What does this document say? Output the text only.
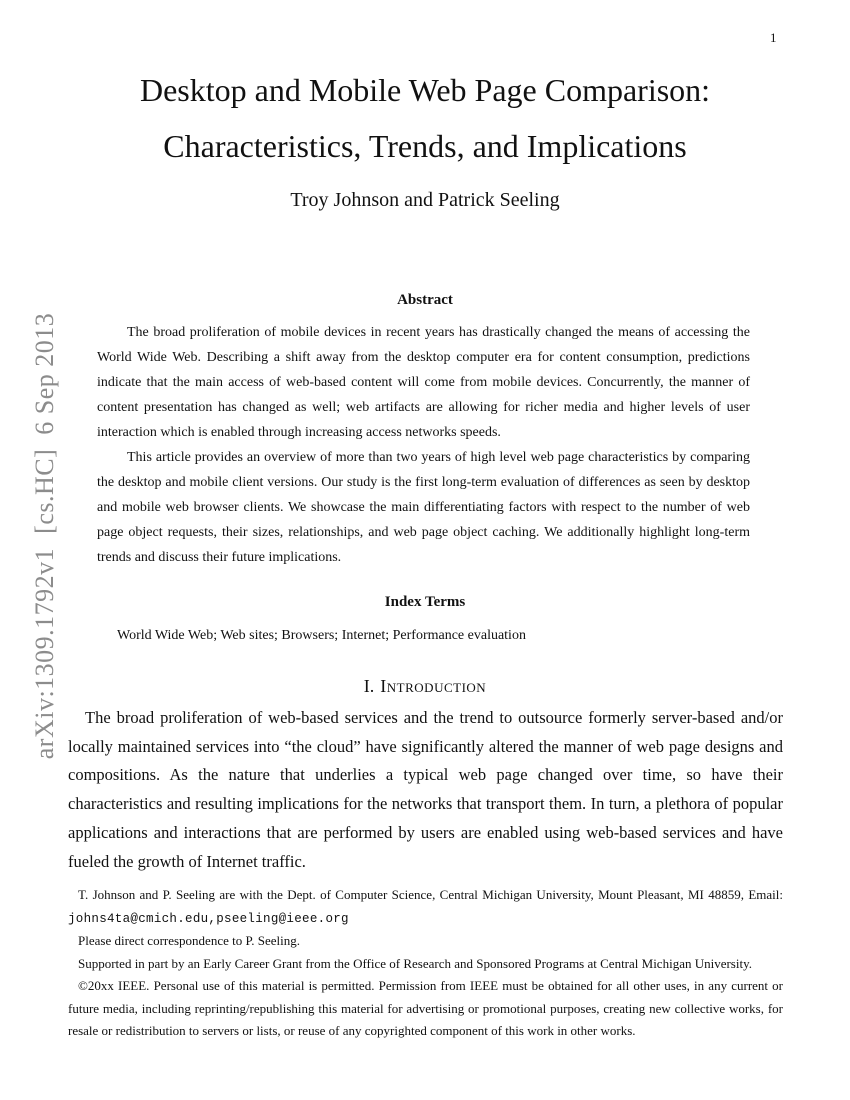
1
arXiv:1309.1792v1  [cs.HC]  6 Sep 2013
Desktop and Mobile Web Page Comparison:
Characteristics, Trends, and Implications
Troy Johnson and Patrick Seeling
Abstract

The broad proliferation of mobile devices in recent years has drastically changed the means of accessing the World Wide Web. Describing a shift away from the desktop computer era for content consumption, predictions indicate that the main access of web-based content will come from mobile devices. Concurrently, the manner of content presentation has changed as well; web artifacts are allowing for richer media and higher levels of user interaction which is enabled through increasing access networks speeds.

This article provides an overview of more than two years of high level web page characteristics by comparing the desktop and mobile client versions. Our study is the first long-term evaluation of differences as seen by desktop and mobile web browser clients. We showcase the main differentiating factors with respect to the number of web page object requests, their sizes, relationships, and web page object caching. We additionally highlight long-term trends and discuss their future implications.

Index Terms
World Wide Web; Web sites; Browsers; Internet; Performance evaluation
I. Introduction
The broad proliferation of web-based services and the trend to outsource formerly server-based and/or locally maintained services into “the cloud” have significantly altered the manner of web page designs and compositions. As the nature that underlies a typical web page changed over time, so have their characteristics and resulting implications for the networks that transport them. In turn, a plethora of popular applications and interactions that are performed by users are enabled using web-based services and have fueled the growth of Internet traffic.

T. Johnson and P. Seeling are with the Dept. of Computer Science, Central Michigan University, Mount Pleasant, MI 48859, Email: johns4ta@cmich.edu,pseeling@ieee.org

Please direct correspondence to P. Seeling.

Supported in part by an Early Career Grant from the Office of Research and Sponsored Programs at Central Michigan University.

©20xx IEEE. Personal use of this material is permitted. Permission from IEEE must be obtained for all other uses, in any current or future media, including reprinting/republishing this material for advertising or promotional purposes, creating new collective works, for resale or redistribution to servers or lists, or reuse of any copyrighted component of this work in other works.
